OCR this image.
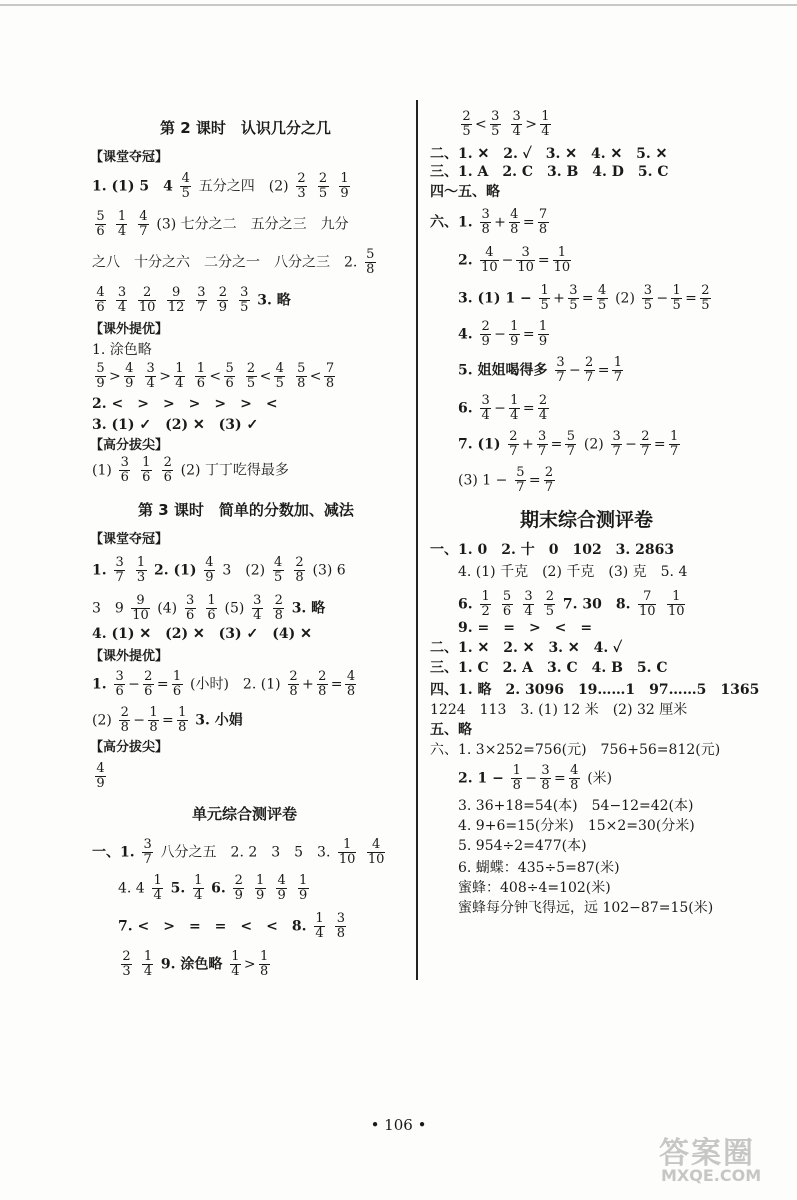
第 2 课时　认识几分之几
【课堂夺冠】
1. (1) 5　$4 \frac{4}{5}$ 五分之四　$(2) \frac{2}{3}$
$\frac{2}{5}$
$\frac{1}{9}$
$\frac{5}{6}$
$\frac{1}{4}$
$\frac{4}{7} (3)$ 七分之二　五分之三　九分
之八　十分之六　二分之一　八分之三　2. $\frac{5}{8}$
$\frac{4}{6}$
$\frac{3}{4}$
$\frac{2}{10}$
$\frac{9}{12}$
$\frac{3}{7}$
$\frac{2}{9}$
$\frac{3}{5} 3$. 略
【课外提优】
1. 涂色略
$\frac{5}{9} > \frac{4}{9}$
$\frac{3}{4} > \frac{1}{4}$
$\frac{1}{6} < \frac{5}{6}$
$\frac{2}{5} < \frac{4}{5}$
$\frac{5}{8} < \frac{7}{8}$
2. <　>　>　>　>　>　<
3. (1) ✓　(2) ✕　(3) ✓
【高分拔尖】
$(1) \frac{3}{6}$
$\frac{1}{6}$
$\frac{2}{6} (2)$ 丁丁吃得最多
第 3 课时　简单的分数加、减法
【课堂夺冠】
1. $\frac{3}{7}$
$\frac{1}{3} 2$. $(1) \frac{4}{9} 3$　$(2) \frac{4}{5}$
$\frac{2}{8} (3)$ 6
3　$9 \frac{9}{10} (4) \frac{3}{6}$
$\frac{1}{6} (5) \frac{3}{4}$
$\frac{2}{8} 3$. 略
4. (1) ✕　(2) ✕　(3) ✓　(4) ✕
【课外提优】
1. $\frac{3}{6} - \frac{2}{6} = \frac{1}{6}$ (小时)　2. $(1) \frac{2}{8} + \frac{2}{8} = \frac{4}{8}$
$(2) \frac{2}{8} - \frac{1}{8} = \frac{1}{8} 3$. 小娟
【高分拔尖】
$\frac{4}{9}$
单元综合测评卷
一、1. $\frac{3}{7}$ 八分之五　2. 2　3　5　3. $\frac{1}{10}$
$\frac{4}{10}$
4. $4 \frac{1}{4} 5$. $\frac{1}{4} 6$. $\frac{2}{9}$
$\frac{1}{9}$
$\frac{4}{9}$
$\frac{1}{9}$
7. <　>　=　=　<　<　8. $\frac{1}{4}$
$\frac{3}{8}$
$\frac{2}{3}$
$\frac{1}{4} 9$. 涂色略 $\frac{1}{4} > \frac{1}{8}$
$\frac{2}{5} < \frac{3}{5}$
$\frac{3}{4} > \frac{1}{4}$
二、1. ✕　2. ✓　3. ✕　4. ✕　5. ✕
三、1. A　2. C　3. B　4. D　5. C
四～五、略
六、1. $\frac{3}{8} + \frac{4}{8} = \frac{7}{8}$
2. $\frac{4}{10} - \frac{3}{10} = \frac{1}{10}$
3. (1) $1 - \frac{1}{5} + \frac{3}{5} = \frac{4}{5} (2) \frac{3}{5} - \frac{1}{5} = \frac{2}{5}$
4. $\frac{2}{9} - \frac{1}{9} = \frac{1}{9}$
5. 姐姐喝得多 $\frac{3}{7} - \frac{2}{7} = \frac{1}{7}$
6. $\frac{3}{4} - \frac{1}{4} = \frac{2}{4}$
7. $(1) \frac{2}{7} + \frac{3}{7} = \frac{5}{7} (2) \frac{3}{7} - \frac{2}{7} = \frac{1}{7}$
(3) $1 - \frac{5}{7} = \frac{2}{7}$
期末综合测评卷
一、1. 0　2. 十　0　102　3. 2863
4. (1) 千克　(2) 千克　(3) 克　5. 4
6. $\frac{1}{2}$
$\frac{5}{6}$
$\frac{3}{4}$
$\frac{2}{5} 7$. 30　8. $\frac{7}{10}$
$\frac{1}{10}$
9. =　=　>　<　=
二、1. ✕　2. ✕　3. ✕　4. ✓
三、1. C　2. A　3. C　4. B　5. C
四、1. 略　2. 3096　19……1　97……5　1365
1224　113　3. (1) 12 米　(2) 32 厘米
五、略
六、1. 3×252=756(元)　756+56=812(元)
2. $1 - \frac{1}{8} - \frac{3}{8} = \frac{4}{8}$ (米)
3. 36+18=54(本)　54−12=42(本)
4. 9+6=15(分米)　15×2=30(分米)
5. 954÷2=477(本)
6. 蝴蝶：435÷5=87(米)
蜜蜂：408÷4=102(米)
蜜蜂每分钟飞得远，远 102−87=15(米)
• 106 •
答案圈
MXQE.COM
